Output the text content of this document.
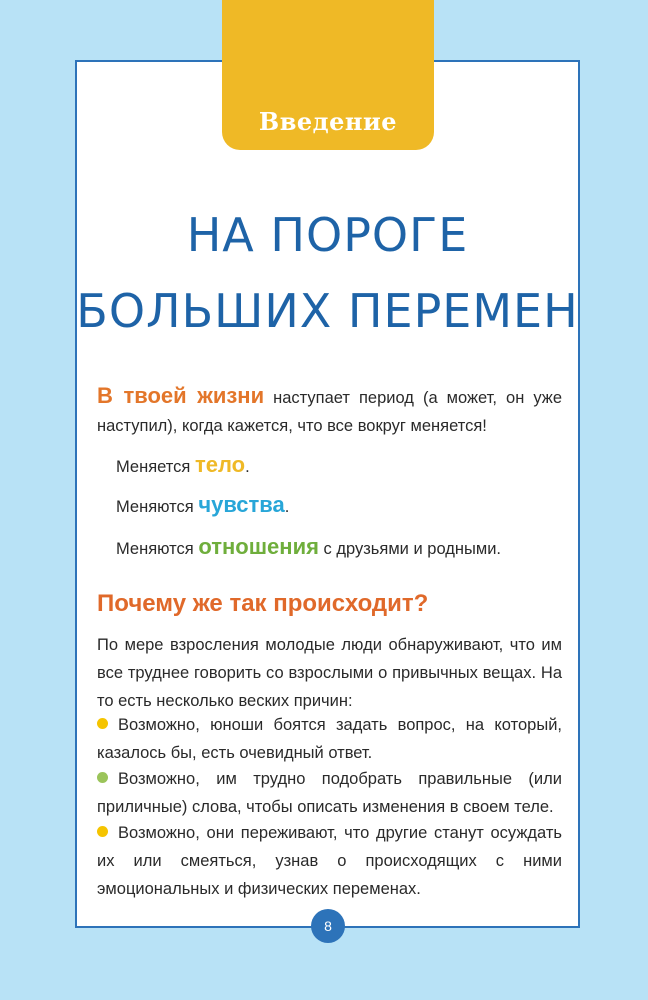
Введение
НА ПОРОГЕ
БОЛЬШИХ ПЕРЕМЕН

В твоей жизни наступает период (а может, он уже наступил), когда кажется, что все вокруг меняется!

Меняется тело.
Меняются чувства.
Меняются отношения с друзьями и родными.
Почему же так происходит?

По мере взросления молодые люди обнаруживают, что им все труднее говорить со взрослыми о привычных вещах. На то есть несколько веских причин:

Возможно, юноши боятся задать вопрос, на который, казалось бы, есть очевидный ответ.

Возможно, им трудно подобрать правильные (или приличные) слова, чтобы описать изменения в своем теле.

Возможно, они переживают, что другие станут осуждать их или смеяться, узнав о происходящих с ними эмоциональных и физических переменах.

8
